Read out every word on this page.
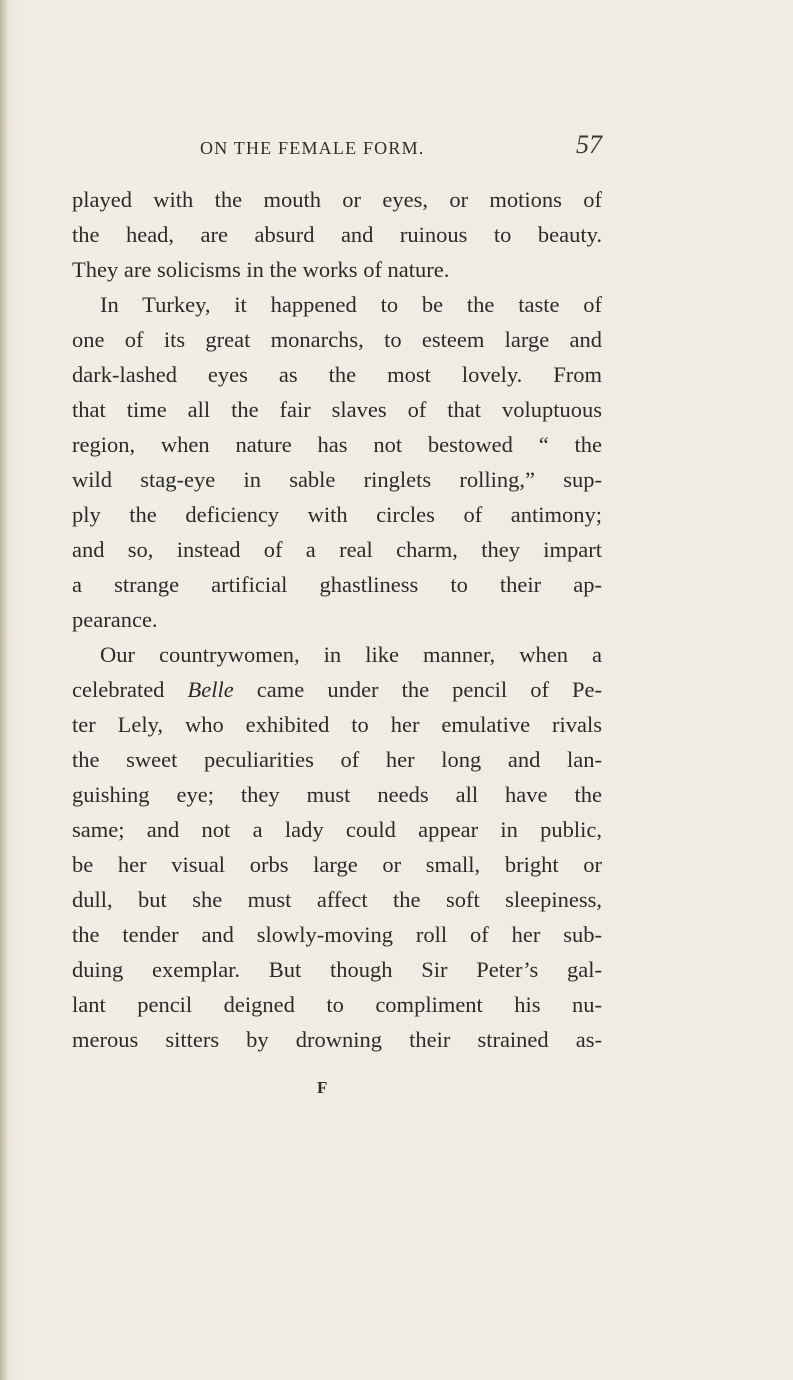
ON THE FEMALE FORM.	57
played with the mouth or eyes, or motions of
the head, are absurd and ruinous to beauty.
They are solicisms in the works of nature.
In Turkey, it happened to be the taste of
one of its great monarchs, to esteem large and
dark-lashed eyes as the most lovely. From
that time all the fair slaves of that voluptuous
region, when nature has not bestowed “ the
wild stag-eye in sable ringlets rolling,” sup-
ply the deficiency with circles of antimony;
and so, instead of a real charm, they impart
a strange artificial ghastliness to their ap-
pearance.
Our countrywomen, in like manner, when a
celebrated Belle came under the pencil of Pe-
ter Lely, who exhibited to her emulative rivals
the sweet peculiarities of her long and lan-
guishing eye; they must needs all have the
same; and not a lady could appear in public,
be her visual orbs large or small, bright or
dull, but she must affect the soft sleepiness,
the tender and slowly-moving roll of her sub-
duing exemplar. But though Sir Peter’s gal-
lant pencil deigned to compliment his nu-
merous sitters by drowning their strained as-
F
